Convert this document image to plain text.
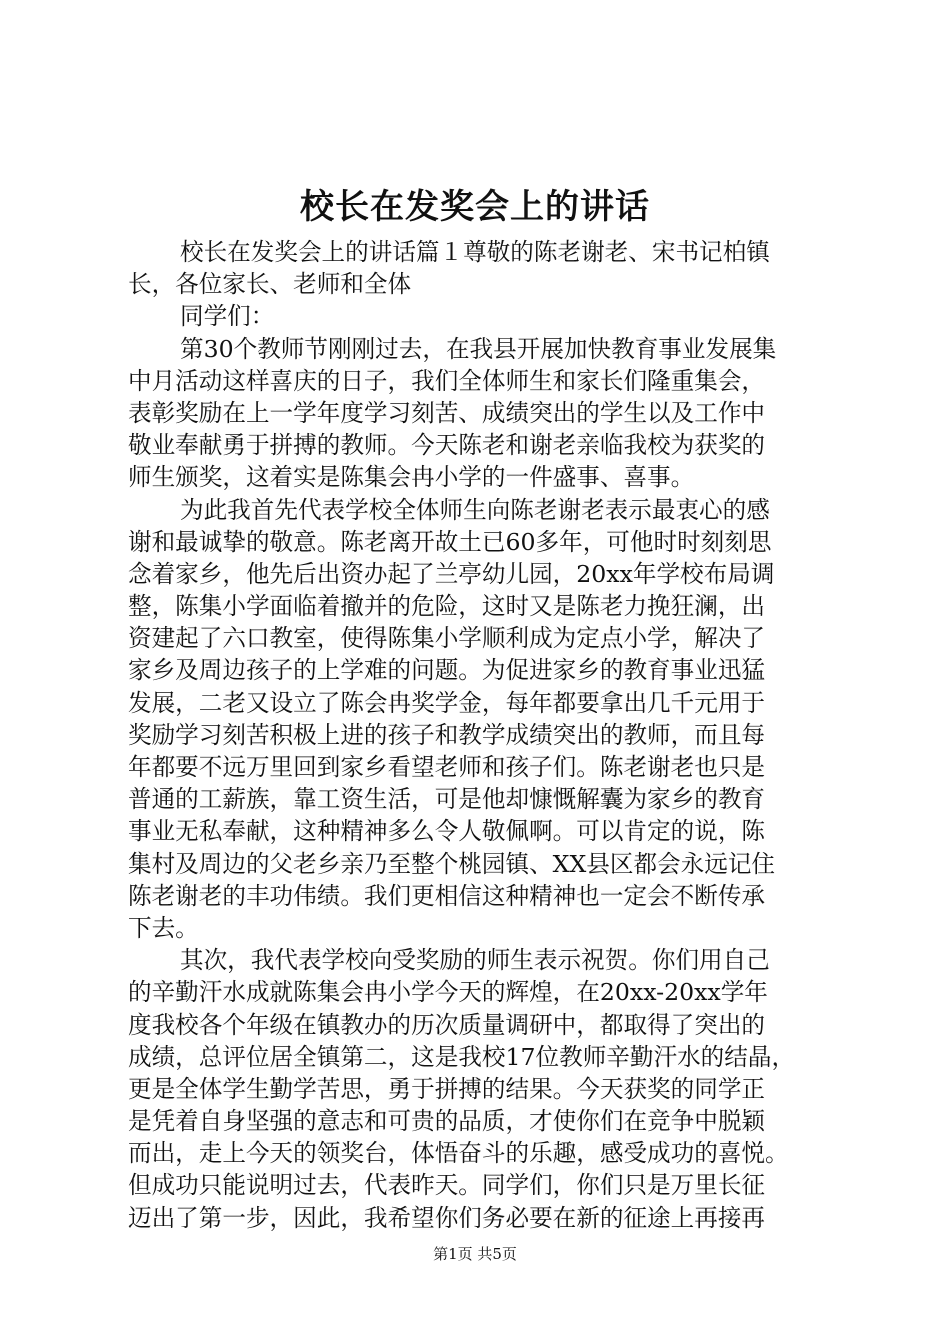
校长在发奖会上的讲话
校长在发奖会上的讲话篇１尊敬的陈老谢老、宋书记柏镇
长，各位家长、老师和全体
同学们：
第30个教师节刚刚过去，在我县开展加快教育事业发展集
中月活动这样喜庆的日子，我们全体师生和家长们隆重集会，
表彰奖励在上一学年度学习刻苦、成绩突出的学生以及工作中
敬业奉献勇于拼搏的教师。今天陈老和谢老亲临我校为获奖的
师生颁奖，这着实是陈集会冉小学的一件盛事、喜事。
为此我首先代表学校全体师生向陈老谢老表示最衷心的感
谢和最诚挚的敬意。陈老离开故土已60多年，可他时时刻刻思
念着家乡，他先后出资办起了兰亭幼儿园，20xx年学校布局调
整，陈集小学面临着撤并的危险，这时又是陈老力挽狂澜，出
资建起了六口教室，使得陈集小学顺利成为定点小学，解决了
家乡及周边孩子的上学难的问题。为促进家乡的教育事业迅猛
发展，二老又设立了陈会冉奖学金，每年都要拿出几千元用于
奖励学习刻苦积极上进的孩子和教学成绩突出的教师，而且每
年都要不远万里回到家乡看望老师和孩子们。陈老谢老也只是
普通的工薪族，靠工资生活，可是他却慷慨解囊为家乡的教育
事业无私奉献，这种精神多么令人敬佩啊。可以肯定的说，陈
集村及周边的父老乡亲乃至整个桃园镇、XX县区都会永远记住
陈老谢老的丰功伟绩。我们更相信这种精神也一定会不断传承
下去。
其次，我代表学校向受奖励的师生表示祝贺。你们用自己
的辛勤汗水成就陈集会冉小学今天的辉煌，在20xx-20xx学年
度我校各个年级在镇教办的历次质量调研中，都取得了突出的
成绩，总评位居全镇第二，这是我校17位教师辛勤汗水的结晶，
更是全体学生勤学苦思，勇于拼搏的结果。今天获奖的同学正
是凭着自身坚强的意志和可贵的品质，才使你们在竞争中脱颖
而出，走上今天的领奖台，体悟奋斗的乐趣，感受成功的喜悦。
但成功只能说明过去，代表昨天。同学们，你们只是万里长征
迈出了第一步，因此，我希望你们务必要在新的征途上再接再
第1页 共5页
